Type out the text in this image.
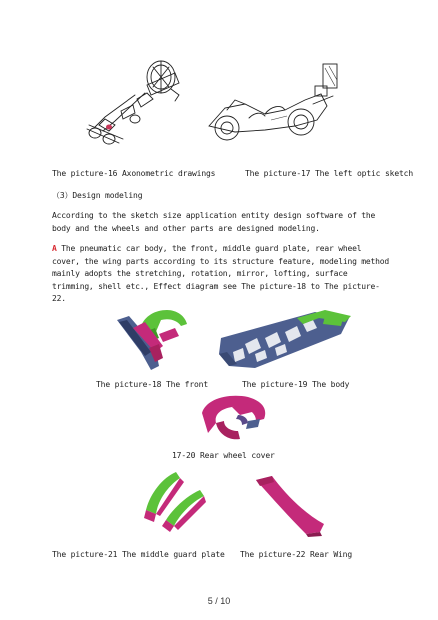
The picture-16 Axonometric drawings	The picture-17 The left optic sketch
（3）Design modeling
According to the sketch size application entity design software of the body and the wheels and other parts are designed modeling.
A The pneumatic car body, the front, middle guard plate, rear wheel cover, the wing parts according to its structure feature, modeling method mainly adopts the stretching, rotation, mirror, lofting, surface trimming, shell etc., Effect diagram see The picture-18 to The picture-22.
The picture-18 The front	The picture-19 The body
17-20 Rear wheel cover
The picture-21 The middle guard plate The picture-22 Rear Wing
5 / 10
